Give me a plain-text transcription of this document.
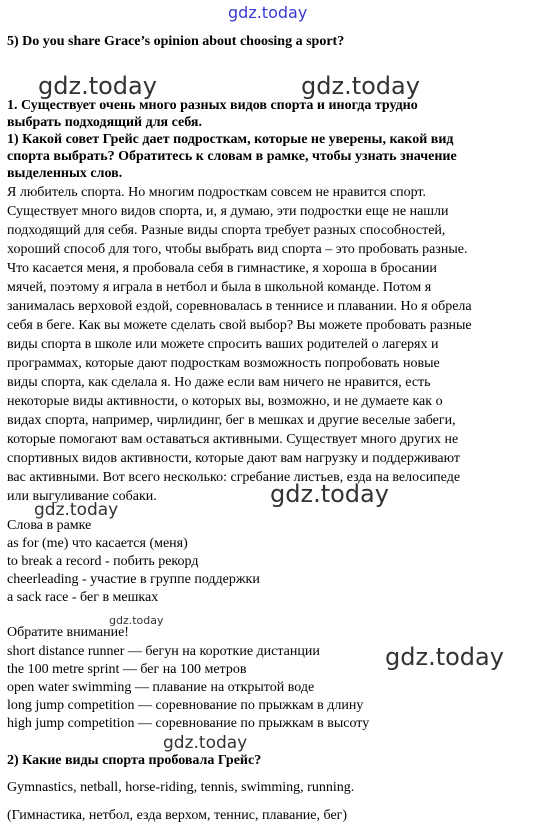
gdz.today
5) Do you share Grace’s opinion about choosing a sport?
gdz.today	gdz.today
1. Существует очень много разных видов спорта и иногда трудно
выбрать подходящий для себя.
1) Какой совет Грейс дает подросткам, которые не уверены, какой вид
спорта выбрать? Обратитесь к словам в рамке, чтобы узнать значение
выделенных слов.
Я любитель спорта. Но многим подросткам совсем не нравится спорт.
Существует много видов спорта, и, я думаю, эти подростки еще не нашли
подходящий для себя. Разные виды спорта требует разных способностей,
хороший способ для того, чтобы выбрать вид спорта – это пробовать разные.
Что касается меня, я пробовала себя в гимнастике, я хороша в бросании
мячей, поэтому я играла в нетбол и была в школьной команде. Потом я
занималась верховой ездой, соревновалась в теннисе и плавании. Но я обрела
себя в беге. Как вы можете сделать свой выбор? Вы можете пробовать разные
виды спорта в школе или можете спросить ваших родителей о лагерях и
программах, которые дают подросткам возможность попробовать новые
виды спорта, как сделала я. Но даже если вам ничего не нравится, есть
некоторые виды активности, о которых вы, возможно, и не думаете как о
видах спорта, например, чирлидинг, бег в мешках и другие веселые забеги,
которые помогают вам оставаться активными. Существует много других не
спортивных видов активности, которые дают вам нагрузку и поддерживают
вас активными. Вот всего несколько: сгребание листьев, езда на велосипеде
или выгуливание собаки.	gdz.today
gdz.today
Слова в рамке
as for (me) что касается (меня)
to break a record - побить рекорд
cheerleading - участие в группе поддержки
a sack race - бег в мешках
gdz.today
Обратите внимание!
short distance runner — бегун на короткие дистанции
the 100 metre sprint — бег на 100 метров
open water swimming — плавание на открытой воде
long jump competition — соревнование по прыжкам в длину
high jump competition — соревнование по прыжкам в высоту
gdz.today
gdz.today
2) Какие виды спорта пробовала Грейс?
Gymnastics, netball, horse-riding, tennis, swimming, running.
(Гимнастика, нетбол, езда верхом, теннис, плавание, бег)
